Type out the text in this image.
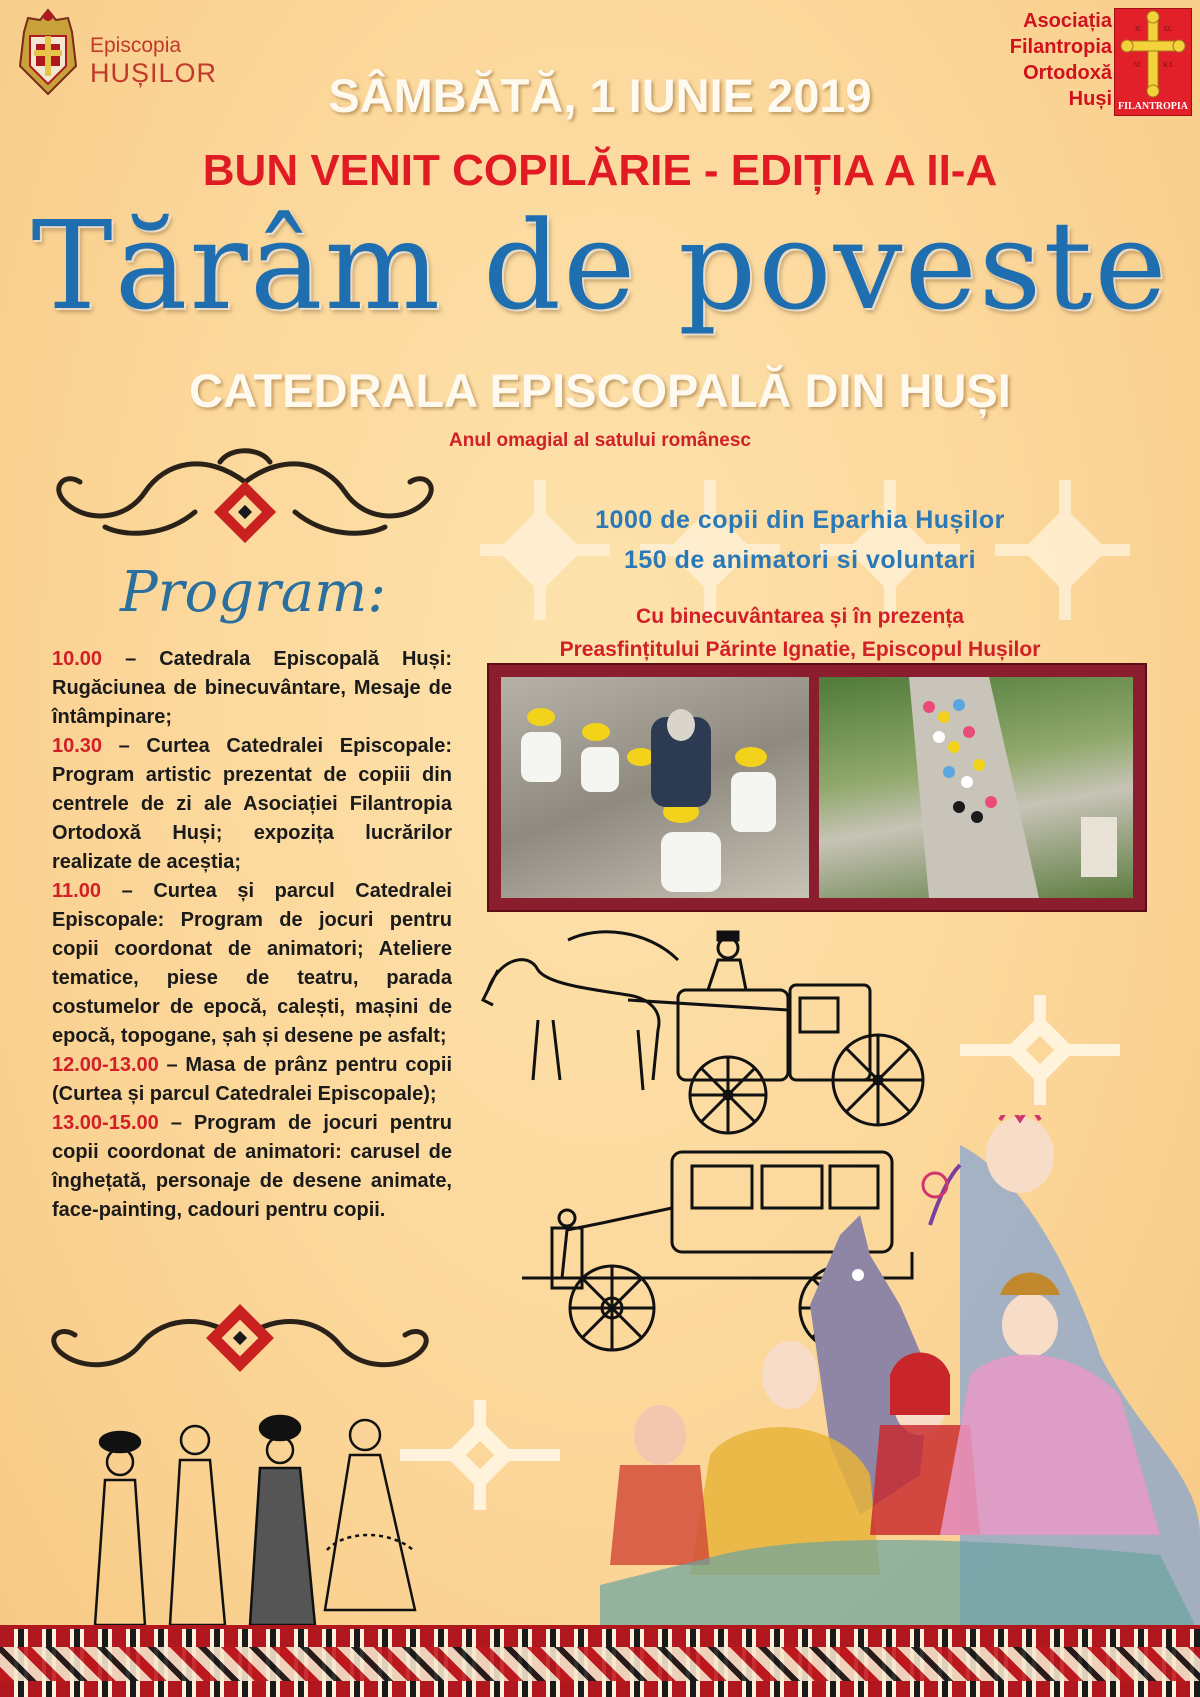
Episcopia
HUȘILOR
Asociația
Filantropia
Ortodoxă
Huși
IC	XC
NI	KA
FILANTROPIA
SÂMBĂTĂ, 1 IUNIE 2019
BUN VENIT COPILĂRIE - EDIȚIA A II-A
Tărâm de poveste
CATEDRALA EPISCOPALĂ DIN HUȘI
Anul omagial al satului românesc
1000 de copii din Eparhia Hușilor
150 de animatori si voluntari
Cu binecuvântarea și în prezența
Preasfințitului Părinte Ignatie, Episcopul Hușilor
Program:

10.00 – Catedrala Episcopală Huși: Rugăciunea de binecuvântare, Mesaje de întâmpinare;

10.30 – Curtea Catedralei Episcopale: Program artistic prezentat de copiii din centrele de zi ale Asociației Filantropia Ortodoxă Huși; expozița lucrărilor realizate de aceștia;

11.00 – Curtea și parcul Catedralei Episcopale: Program de jocuri pentru copii coordonat de animatori; Ateliere tematice, piese de teatru, parada costumelor de epocă, calești, mașini de epocă, topogane, șah și desene pe asfalt;

12.00-13.00 – Masa de prânz pentru copii (Curtea și parcul Catedralei Episcopale);

13.00-15.00 – Program de jocuri pentru copii coordonat de animatori: carusel de înghețată, personaje de desene animate, face-painting, cadouri pentru copii.
